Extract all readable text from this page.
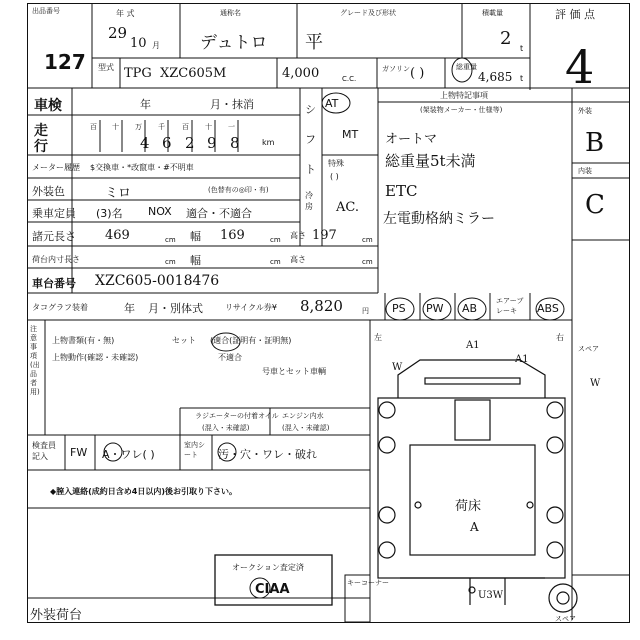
出品番号
127
年 式
29
10 月
通称名
デュトロ
グレード及び形状
平
積載量
2 t
評 価 点
4
型式 TPG XZC605M	4,000	C.C.
ガソリン ( )	総重量
4,685 t
車検	年	月・抹消	シフト
AT
MT
特殊
( )
冷房 AC.
走行
百 十 万 千 百 十 一
4 6 2 9 8	km
メーター履歴 $交換車・*改竄車・#不明車
外装色	ミロ	(色替有の◎印・有)
乗車定員 (3)名 NOX 適合・不適合
諸元長さ 469	cm 幅 169	cm 高さ 197	cm
荷台内寸長さ	cm 幅	cm 高さ	cm
車台番号 XZC605-0018476
タコグラフ装着	年 月・別体式	リサイクル券¥ 8,820	円 PS PW AB
エアーブレーキ	ABS
上物特記事項
(架装物メーカー・仕様等)
オートマ
総重量5t未満
ETC
左電動格納ミラー
外装
B
内装
C
注意事項(出品者用)
上物書類(有・無)	セット (適合(証明有・証明無)
不適合
上物動作(確認・未確認)
号車とセット車輌
ラジエーターの付着オイル
(混入・未確認)
エンジン内水
(混入・未確認)
検査員記入	FW A・ワレ( )
室内シート	汚・穴・ワレ・破れ
◆膣入連絡(成約日含め4日以内)後お引取り下さい。
オークション査定済
CIAA	キーコーナー
左	右
A1
A1
W
W
スペア
荷床
A
U3W
スペア
外装荷台
